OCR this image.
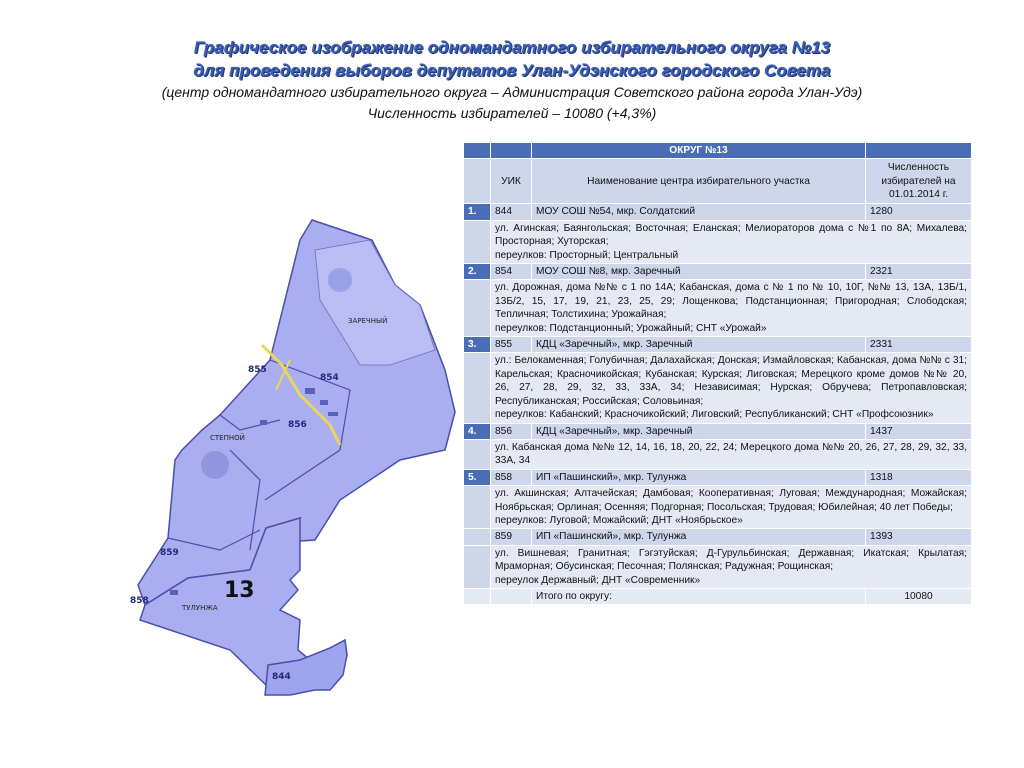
Графическое изображение одномандатного избирательного округа №13
для проведения выборов депутатов Улан-Удэнского городского Совета
(центр одномандатного избирательного округа – Администрация Советского района города Улан-Удэ)
Численность избирателей – 10080 (+4,3%)
ЗАРЕЧНЫЙ
СТЕПНОЙ
ТУЛУНЖА
855
854
856
859
858
844
13
		ОКРУГ №13	
	УИК	Наименование центра избирательного участка	Численность избирателей на 01.01.2014 г.
1.	844	МОУ СОШ №54, мкр. Солдатский	1280

	ул. Агинская; Баянгольская; Восточная; Еланская; Мелиораторов дома с №1 по 8А; Михалева; Просторная; Хуторская;
переулков: Просторный; Центральный		

2.	854	МОУ СОШ №8, мкр. Заречный	2321

	ул. Дорожная, дома №№ с 1 по 14А; Кабанская, дома с № 1 по № 10, 10Г, №№ 13, 13А, 13Б/1, 13Б/2, 15, 17, 19, 21, 23, 25, 29; Лощенкова; Подстанционная; Пригородная; Слободская; Тепличная; Толстихина; Урожайная;
переулков: Подстанционный; Урожайный; СНТ «Урожай»		

3.	855	КДЦ «Заречный», мкр. Заречный	2331

	ул.: Белокаменная; Голубичная; Далахайская; Донская; Измайловская; Кабанская, дома №№ с 31; Карельская; Красночикойская; Кубанская; Курская; Лиговская; Мерецкого кроме домов №№ 20, 26, 27, 28, 29, 32, 33, 33А, 34; Независимая; Нурская; Обручева; Петропавловская; Республиканская; Российская; Соловьиная;
переулков: Кабанский; Красночикойский; Лиговский; Республиканский; СНТ «Профсоюзник»		

4.	856	КДЦ «Заречный», мкр. Заречный	1437

	ул. Кабанская дома №№ 12, 14, 16, 18, 20, 22, 24; Мерецкого дома №№ 20, 26, 27, 28, 29, 32, 33, 33А, 34		

5.	858	ИП «Пашинский», мкр. Тулунжа	1318

	ул. Акшинская; Алтачейская; Дамбовая; Кооперативная; Луговая; Международная; Можайская; Ноябрьская; Орлиная; Осенняя; Подгорная; Посольская; Трудовая; Юбилейная; 40 лет Победы;
переулков: Луговой; Можайский; ДНТ «Ноябрьское»		

	859	ИП «Пашинский», мкр. Тулунжа	1393

	ул. Вишневая; Гранитная; Гэгэтуйская; Д-Гурульбинская; Державная; Икатская; Крылатая; Мраморная; Обусинская; Песочная; Полянская; Радужная; Рощинская;
переулок Державный; ДНТ «Современник»		

		Итого по округу:	10080
